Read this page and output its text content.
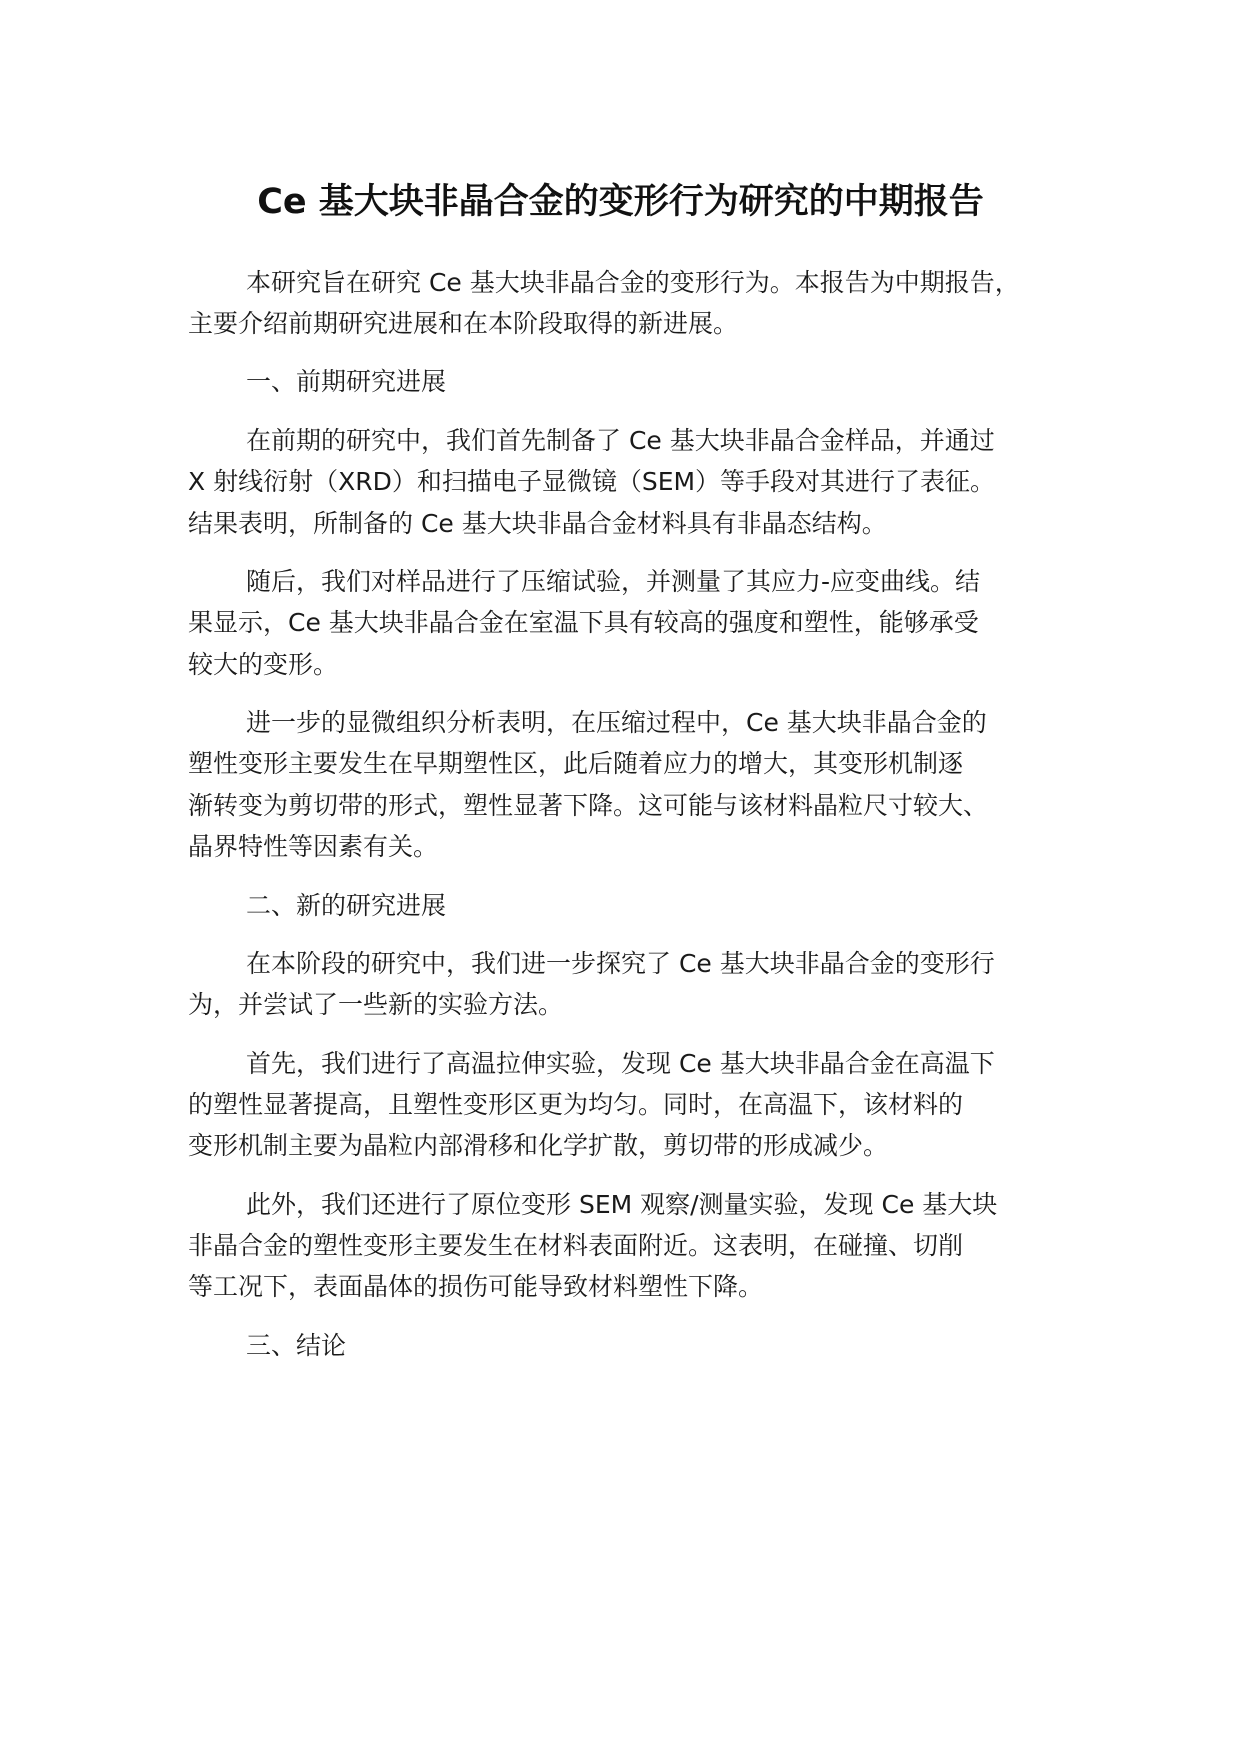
Ce 基大块非晶合金的变形行为研究的中期报告
本研究旨在研究 Ce 基大块非晶合金的变形行为。本报告为中期报告，
主要介绍前期研究进展和在本阶段取得的新进展。
一、前期研究进展
在前期的研究中，我们首先制备了 Ce 基大块非晶合金样品，并通过
X 射线衍射（XRD）和扫描电子显微镜（SEM）等手段对其进行了表征。
结果表明，所制备的 Ce 基大块非晶合金材料具有非晶态结构。
随后，我们对样品进行了压缩试验，并测量了其应力-应变曲线。结
果显示，Ce 基大块非晶合金在室温下具有较高的强度和塑性，能够承受
较大的变形。
进一步的显微组织分析表明，在压缩过程中，Ce 基大块非晶合金的
塑性变形主要发生在早期塑性区，此后随着应力的增大，其变形机制逐
渐转变为剪切带的形式，塑性显著下降。这可能与该材料晶粒尺寸较大、
晶界特性等因素有关。
二、新的研究进展
在本阶段的研究中，我们进一步探究了 Ce 基大块非晶合金的变形行
为，并尝试了一些新的实验方法。
首先，我们进行了高温拉伸实验，发现 Ce 基大块非晶合金在高温下
的塑性显著提高，且塑性变形区更为均匀。同时，在高温下，该材料的
变形机制主要为晶粒内部滑移和化学扩散，剪切带的形成减少。
此外，我们还进行了原位变形 SEM 观察/测量实验，发现 Ce 基大块
非晶合金的塑性变形主要发生在材料表面附近。这表明，在碰撞、切削
等工况下，表面晶体的损伤可能导致材料塑性下降。
三、结论
